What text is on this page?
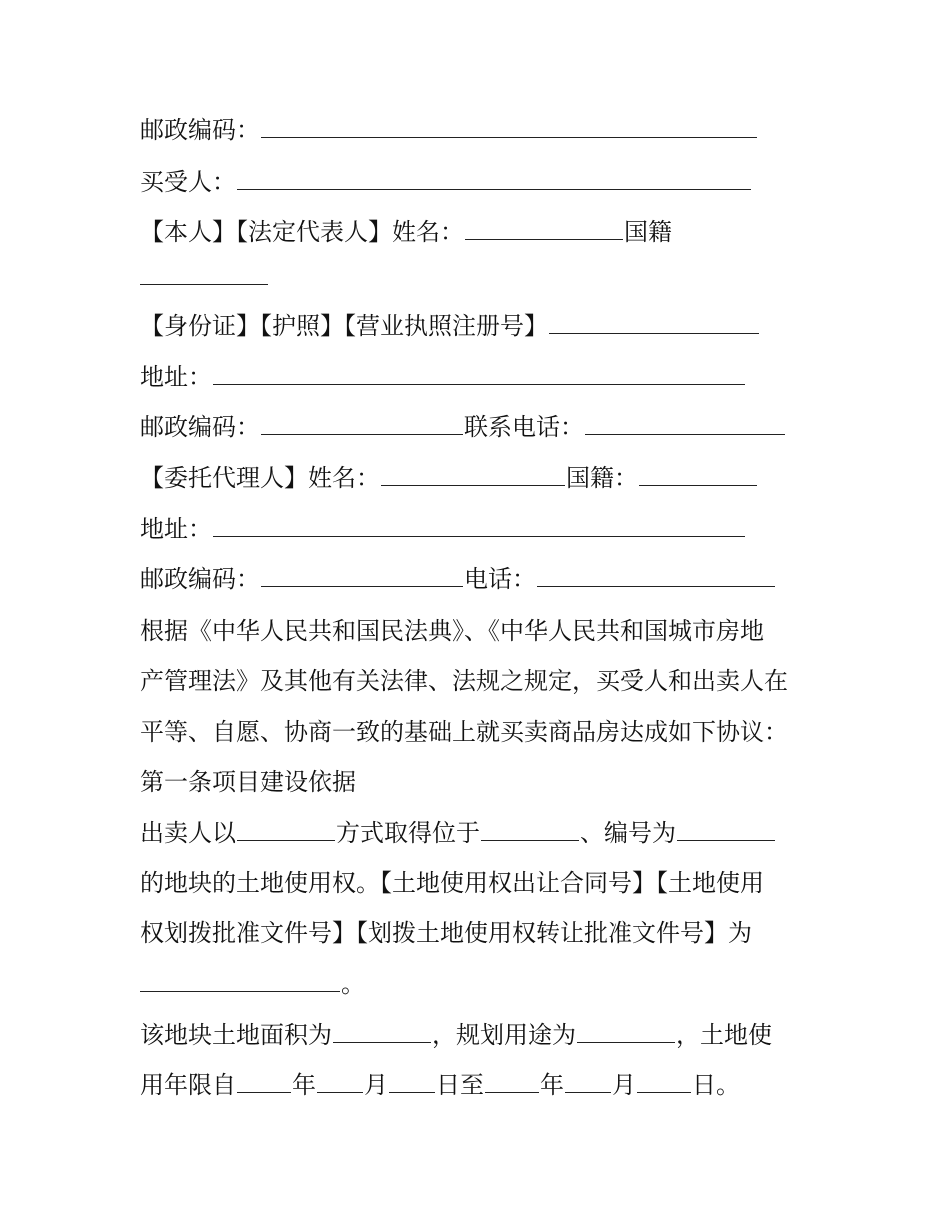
邮政编码：
买受人：
【本人】【法定代表人】姓名：	国籍
【身份证】【护照】【营业执照注册号】
地址：
邮政编码：	联系电话：
【委托代理人】姓名：	国籍：
地址：
邮政编码：	电话：
根据《中华人民共和国民法典》、《中华人民共和国城市房地
产管理法》及其他有关法律、法规之规定，买受人和出卖人在
平等、自愿、协商一致的基础上就买卖商品房达成如下协议：
第一条项目建设依据
出卖人以	方式取得位于	、编号为
的地块的土地使用权。【土地使用权出让合同号】【土地使用
权划拨批准文件号】【划拨土地使用权转让批准文件号】为
。
该地块土地面积为	，规划用途为	，土地使
用年限自 年 月 日至 年 月 日。
